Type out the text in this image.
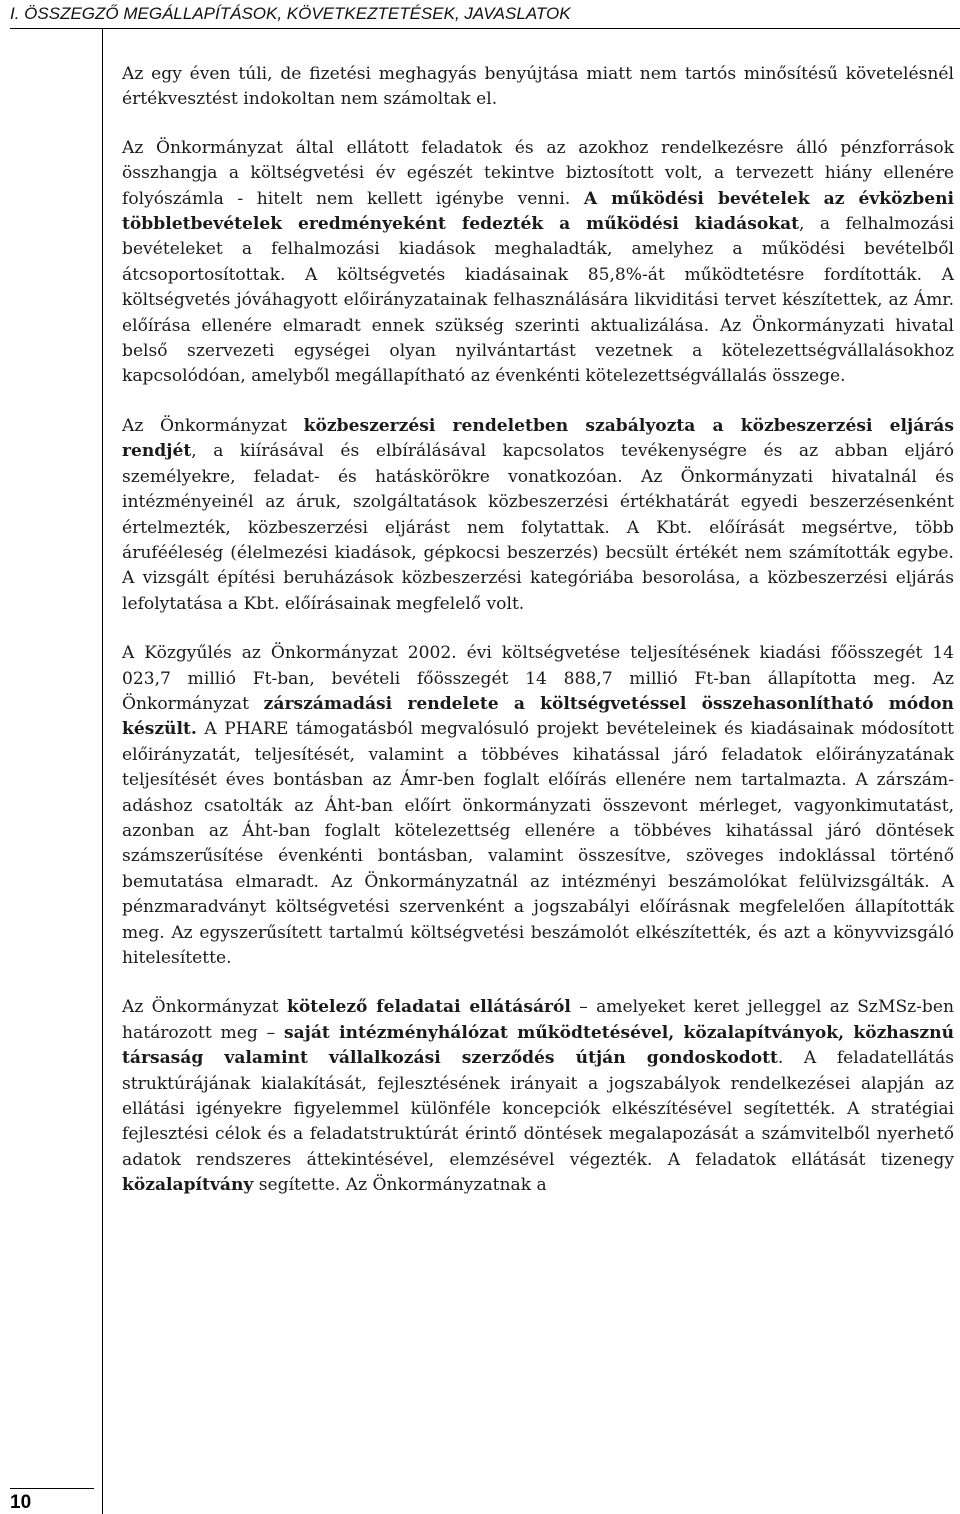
I. ÖSSZEGZŐ MEGÁLLAPÍTÁSOK, KÖVETKEZTETÉSEK, JAVASLATOK

Az egy éven túli, de fizetési meghagyás benyújtása miatt nem tartós minősítésű követelésnél értékvesztést indokoltan nem számoltak el.

Az Önkormányzat által ellátott feladatok és az azokhoz rendelkezésre álló pénzforrások összhangja a költségvetési év egészét tekintve biztosított volt, a tervezett hiány ellenére folyószámla - hitelt nem kellett igénybe venni. A működési bevételek az évközbeni többletbevételek eredményeként fedezték a működési kiadásokat, a felhalmozási bevételeket a felhalmozási kiadások meghaladták, amelyhez a működési bevételből átcsoportosítottak. A költségvetés kiadásainak 85,8%-át működtetésre fordították. A költségvetés jóváhagyott előirányzatainak felhasználására likviditási tervet készítettek, az Ámr. előírása ellenére elmaradt ennek szükség szerinti aktualizálása. Az Önkormányzati hivatal belső szervezeti egységei olyan nyilvántartást vezetnek a kötelezettségvállalásokhoz kapcsolódóan, amelyből megállapítható az évenkénti kötelezettségvállalás összege.

Az Önkormányzat közbeszerzési rendeletben szabályozta a közbeszerzési eljárás rendjét, a kiírásával és elbírálásával kapcsolatos tevékenységre és az abban eljáró személyekre, feladat- és hatáskörökre vonatkozóan. Az Önkormányzati hivatalnál és intézményeinél az áruk, szolgáltatások közbeszerzési értékhatárát egyedi beszerzésenként értelmezték, közbeszerzési eljárást nem folytattak. A Kbt. előírását megsértve, több árufééleség (élelmezési kiadások, gépkocsi beszerzés) becsült értékét nem számították egybe. A vizsgált építési beruházások közbeszerzési kategóriába besorolása, a közbeszerzési eljárás lefolytatása a Kbt. előírásainak megfelelő volt.

A Közgyűlés az Önkormányzat 2002. évi költségvetése teljesítésének kiadási főösszegét 14 023,7 millió Ft-ban, bevételi főösszegét 14 888,7 millió Ft-ban állapította meg. Az Önkormányzat zárszámadási rendelete a költségvetéssel összehasonlítható módon készült. A PHARE támogatásból megvalósuló projekt bevételeinek és kiadásainak módosított előirányzatát, teljesítését, valamint a többéves kihatással járó feladatok előirányzatának teljesítését éves bontásban az Ámr-ben foglalt előírás ellenére nem tartalmazta. A zárszámadáshoz csatolták az Áht-ban előírt önkormányzati összevont mérleget, vagyonkimutatást, azonban az Áht-ban foglalt kötelezettség ellenére a többéves kihatással járó döntések számszerűsítése évenkénti bontásban, valamint összesítve, szöveges indoklással történő bemutatása elmaradt. Az Önkormányzatnál az intézményi beszámolókat felülvizsgálták. A pénzmaradványt költségvetési szervenként a jogszabályi előírásnak megfelelően állapították meg. Az egyszerűsített tartalmú költségvetési beszámolót elkészítették, és azt a könyvvizsgáló hitelesítette.

Az Önkormányzat kötelező feladatai ellátásáról – amelyeket keret jelleggel az SzMSz-ben határozott meg – saját intézményhálózat működtetésével, közalapítványok, közhasznú társaság valamint vállalkozási szerződés útján gondoskodott. A feladatellátás struktúrájának kialakítását, fejlesztésének irányait a jogszabályok rendelkezései alapján az ellátási igényekre figyelemmel különféle koncepciók elkészítésével segítették. A stratégiai fejlesztési célok és a feladatstruktúrát érintő döntések megalapozását a számvitelből nyerhető adatok rendszeres áttekintésével, elemzésével végezték. A feladatok ellátását tizenegy közalapítvány segítette. Az Önkormányzatnak a

10
